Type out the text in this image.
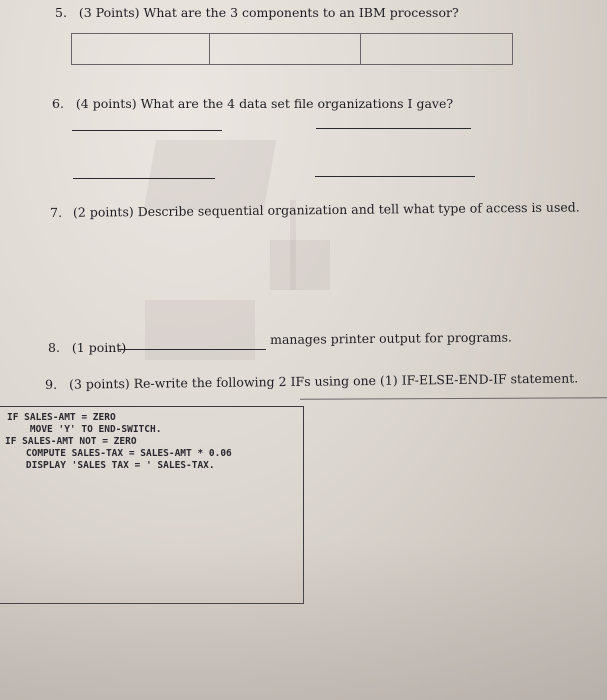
5. (3 Points) What are the 3 components to an IBM processor?
6. (4 points) What are the 4 data set file organizations I gave?
7. (2 points) Describe sequential organization and tell what type of access is used.
8. (1 point)
manages printer output for programs.
9. (3 points) Re-write the following 2 IFs using one (1) IF-ELSE-END-IF statement.
IF SALES-AMT = ZERO
MOVE 'Y' TO END-SWITCH.
IF SALES-AMT NOT = ZERO
COMPUTE SALES-TAX = SALES-AMT * 0.06
DISPLAY 'SALES TAX = ' SALES-TAX.
